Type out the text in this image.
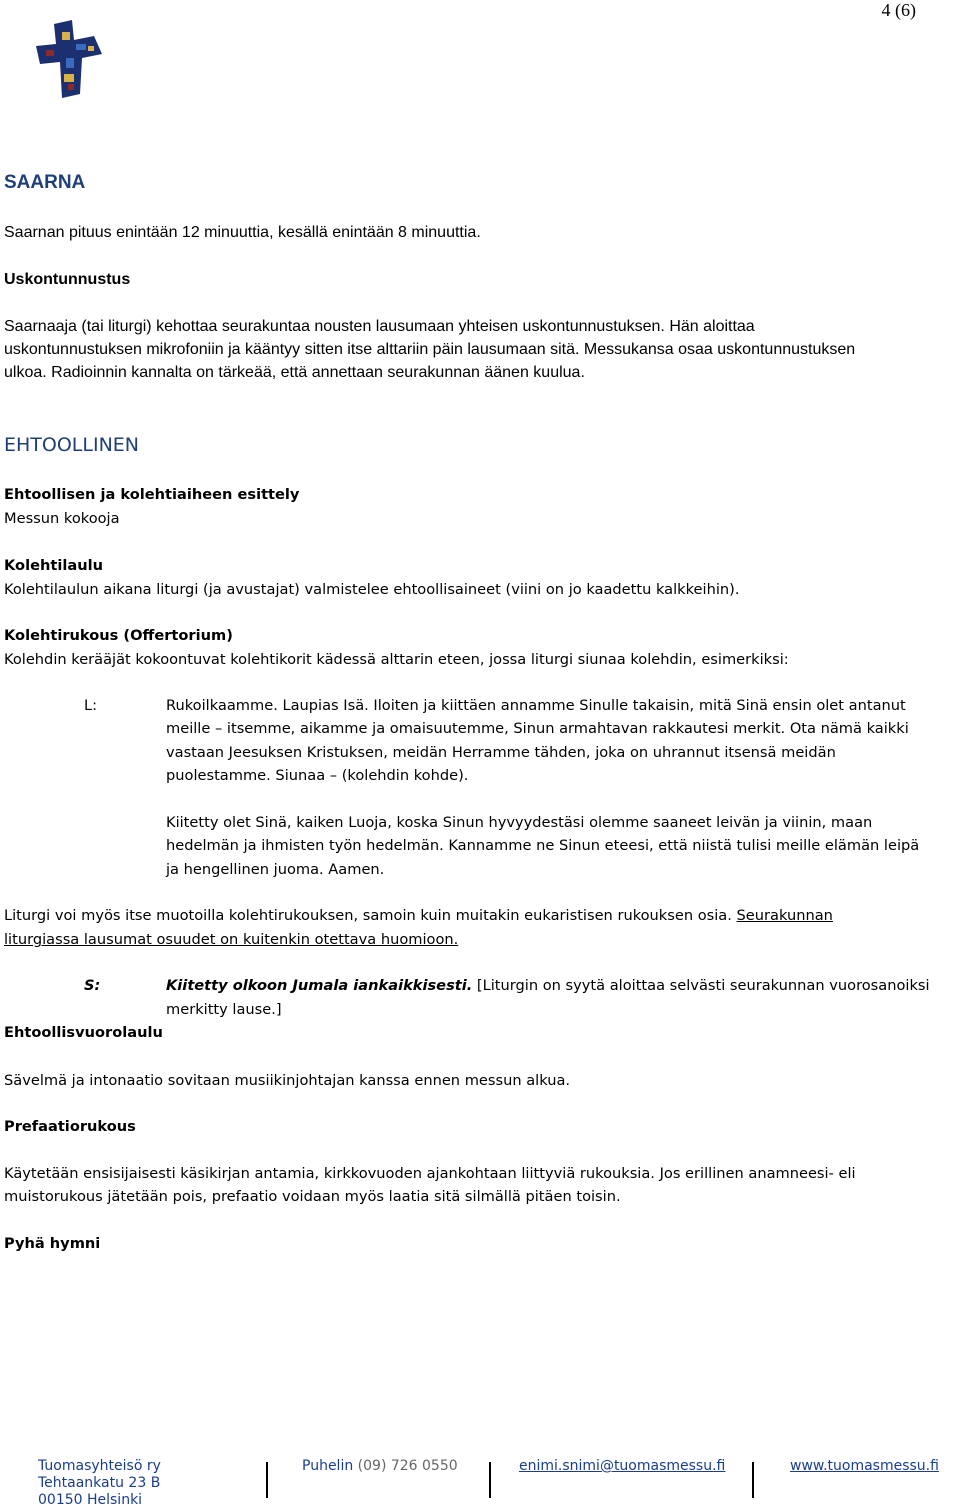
4 (6)
SAARNA
Saarnan pituus enintään 12 minuuttia, kesällä enintään 8 minuuttia.
Uskontunnustus
Saarnaaja (tai liturgi) kehottaa seurakuntaa nousten lausumaan yhteisen uskontunnustuksen. Hän aloittaa
uskontunnustuksen mikrofoniin ja kääntyy sitten itse alttariin päin lausumaan sitä. Messukansa osaa uskontunnustuksen
ulkoa. Radioinnin kannalta on tärkeää, että annettaan seurakunnan äänen kuulua.
EHTOOLLINEN
Ehtoollisen ja kolehtiaiheen esittely
Messun kokooja
Kolehtilaulu
Kolehtilaulun aikana liturgi (ja avustajat) valmistelee ehtoollisaineet (viini on jo kaadettu kalkkeihin).
Kolehtirukous (Offertorium)
Kolehdin kerääjät kokoontuvat kolehtikorit kädessä alttarin eteen, jossa liturgi siunaa kolehdin, esimerkiksi:
L:	Rukoilkaamme. Laupias Isä. Iloiten ja kiittäen annamme Sinulle takaisin, mitä Sinä ensin olet antanut
meille – itsemme, aikamme ja omaisuutemme, Sinun armahtavan rakkautesi merkit. Ota nämä kaikki
vastaan Jeesuksen Kristuksen, meidän Herramme tähden, joka on uhrannut itsensä meidän
puolestamme. Siunaa – (kolehdin kohde).
Kiitetty olet Sinä, kaiken Luoja, koska Sinun hyvyydestäsi olemme saaneet leivän ja viinin, maan
hedelmän ja ihmisten työn hedelmän. Kannamme ne Sinun eteesi, että niistä tulisi meille elämän leipä
ja hengellinen juoma. Aamen.
Liturgi voi myös itse muotoilla kolehtirukouksen, samoin kuin muitakin eukaristisen rukouksen osia. Seurakunnan
liturgiassa lausumat osuudet on kuitenkin otettava huomioon.
S:	Kiitetty olkoon Jumala iankaikkisesti. [Liturgin on syytä aloittaa selvästi seurakunnan vuorosanoiksi
merkitty lause.]
Ehtoollisvuorolaulu
Sävelmä ja intonaatio sovitaan musiikinjohtajan kanssa ennen messun alkua.
Prefaatiorukous
Käytetään ensisijaisesti käsikirjan antamia, kirkkovuoden ajankohtaan liittyviä rukouksia. Jos erillinen anamneesi- eli
muistorukous jätetään pois, prefaatio voidaan myös laatia sitä silmällä pitäen toisin.
Pyhä hymni
Tuomasyhteisö ry
Tehtaankatu 23 B
00150 Helsinki
Puhelin (09) 726 0550	enimi.snimi@tuomasmessu.fi	www.tuomasmessu.fi
